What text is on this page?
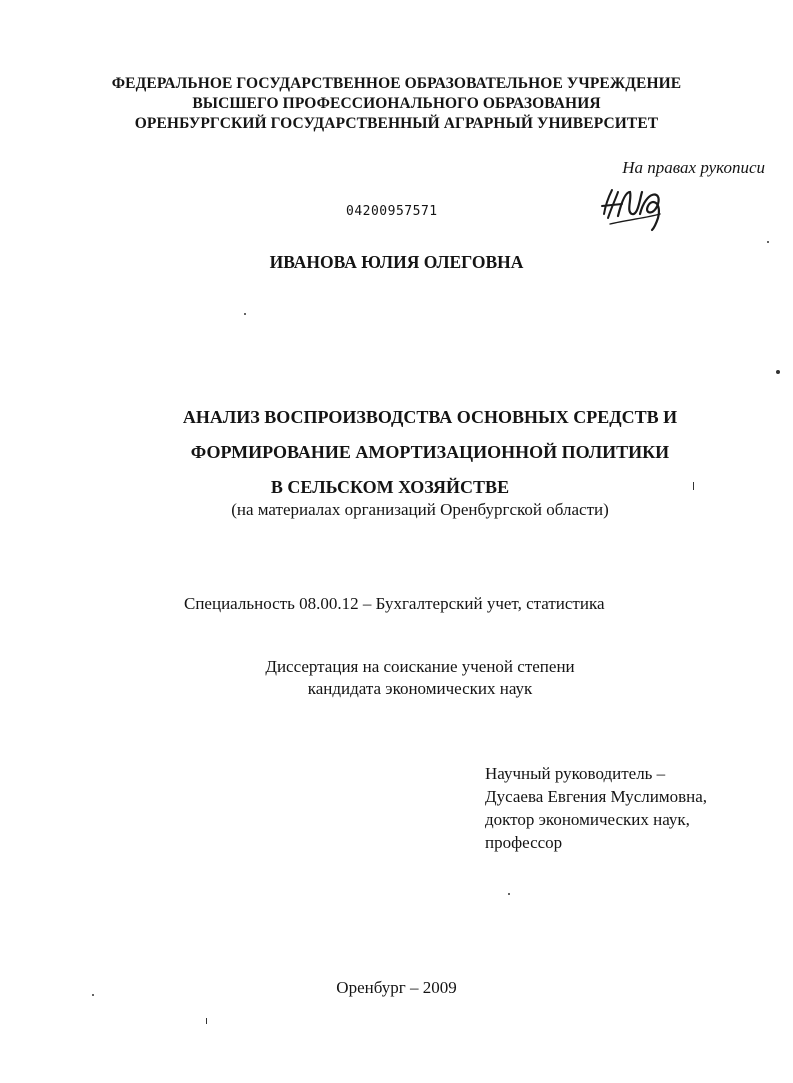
ФЕДЕРАЛЬНОЕ ГОСУДАРСТВЕННОЕ ОБРАЗОВАТЕЛЬНОЕ УЧРЕЖДЕНИЕ
ВЫСШЕГО ПРОФЕССИОНАЛЬНОГО ОБРАЗОВАНИЯ
ОРЕНБУРГСКИЙ ГОСУДАРСТВЕННЫЙ АГРАРНЫЙ УНИВЕРСИТЕТ
На правах рукописи
04200957571
ИВАНОВА ЮЛИЯ ОЛЕГОВНА
АНАЛИЗ ВОСПРОИЗВОДСТВА ОСНОВНЫХ СРЕДСТВ И
ФОРМИРОВАНИЕ АМОРТИЗАЦИОННОЙ ПОЛИТИКИ
В СЕЛЬСКОМ ХОЗЯЙСТВЕ
(на материалах организаций Оренбургской области)
Специальность 08.00.12 – Бухгалтерский учет, статистика
Диссертация на соискание ученой степени
кандидата экономических наук
Научный руководитель –
Дусаева Евгения Муслимовна,
доктор экономических наук,
профессор
Оренбург – 2009
